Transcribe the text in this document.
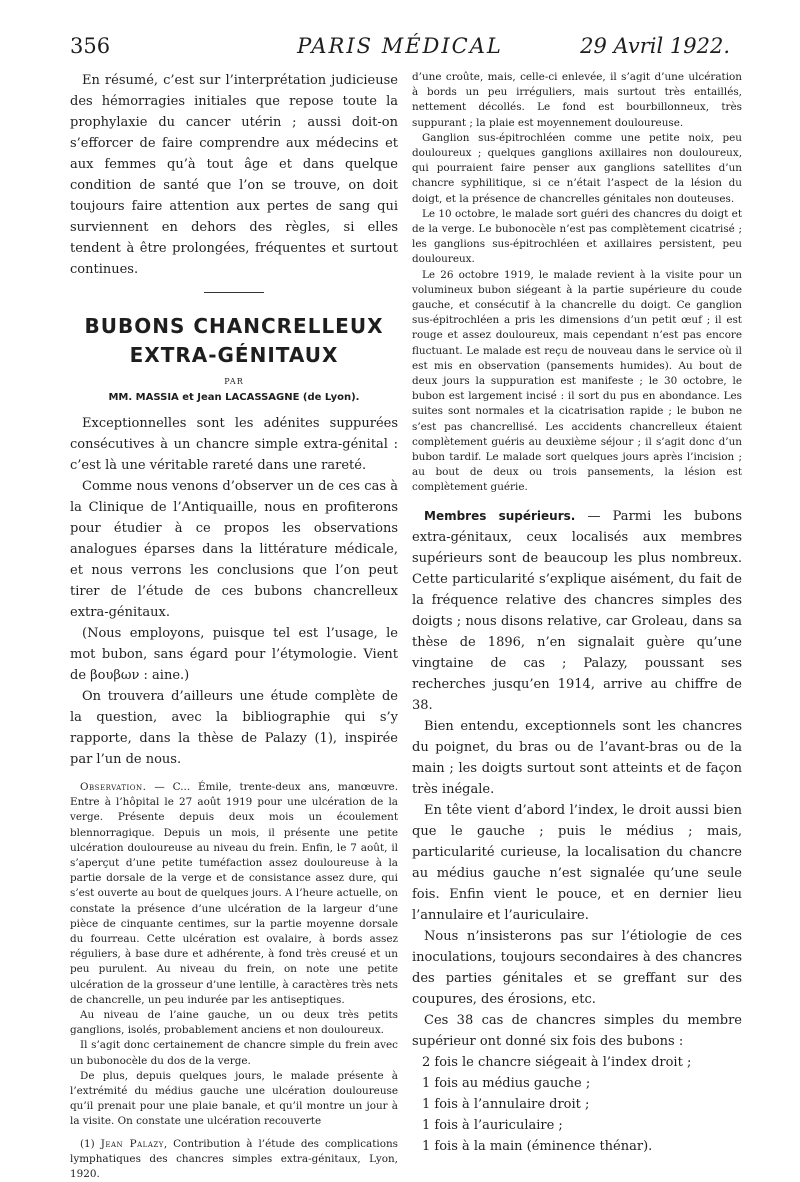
356	PARIS MÉDICAL	29 Avril 1922.

En résumé, c’est sur l’interprétation judicieuse des hémorragies initiales que repose toute la prophylaxie du cancer utérin ; aussi doit-on s’efforcer de faire comprendre aux médecins et aux femmes qu’à tout âge et dans quelque condition de santé que l’on se trouve, on doit toujours faire attention aux pertes de sang qui surviennent en dehors des règles, si elles tendent à être prolongées, fréquentes et surtout continues.

BUBONS CHANCRELLEUX
EXTRA-GÉNITAUX
PAR
MM. MASSIA et Jean LACASSAGNE (de Lyon).

Exceptionnelles sont les adénites suppurées consécutives à un chancre simple extra-génital : c’est là une véritable rareté dans une rareté.

Comme nous venons d’observer un de ces cas à la Clinique de l’Antiquaille, nous en profiterons pour étudier à ce propos les observations analogues éparses dans la littérature médicale, et nous verrons les conclusions que l’on peut tirer de l’étude de ces bubons chancrelleux extra-génitaux.

(Nous employons, puisque tel est l’usage, le mot bubon, sans égard pour l’étymologie. Vient de βουβων : aine.)

On trouvera d’ailleurs une étude complète de la question, avec la bibliographie qui s’y rapporte, dans la thèse de Palazy (1), inspirée par l’un de nous.

Observation. — C... Émile, trente-deux ans, manœuvre. Entre à l’hôpital le 27 août 1919 pour une ulcération de la verge. Présente depuis deux mois un écoulement blennorragique. Depuis un mois, il présente une petite ulcération douloureuse au niveau du frein. Enfin, le 7 août, il s’aperçut d’une petite tuméfaction assez douloureuse à la partie dorsale de la verge et de consistance assez dure, qui s’est ouverte au bout de quelques jours. A l’heure actuelle, on constate la présence d’une ulcération de la largeur d’une pièce de cinquante centimes, sur la partie moyenne dorsale du fourreau. Cette ulcération est ovalaire, à bords assez réguliers, à base dure et adhérente, à fond très creusé et un peu purulent. Au niveau du frein, on note une petite ulcération de la grosseur d’une lentille, à caractères très nets de chancrelle, un peu indurée par les antiseptiques.

Au niveau de l’aine gauche, un ou deux très petits ganglions, isolés, probablement anciens et non douloureux.

Il s’agit donc certainement de chancre simple du frein avec un bubonocèle du dos de la verge.

De plus, depuis quelques jours, le malade présente à l’extrémité du médius gauche une ulcération douloureuse qu’il prenait pour une plaie banale, et qu’il montre un jour à la visite. On constate une ulcération recouverte

(1) Jean Palazy, Contribution à l’étude des complications lymphatiques des chancres simples extra-génitaux, Lyon, 1920.

d’une croûte, mais, celle-ci enlevée, il s’agit d’une ulcération à bords un peu irréguliers, mais surtout très entaillés, nettement décollés. Le fond est bourbillonneux, très suppurant ; la plaie est moyennement douloureuse.

Ganglion sus-épitrochléen comme une petite noix, peu douloureux ; quelques ganglions axillaires non douloureux, qui pourraient faire penser aux ganglions satellites d’un chancre syphilitique, si ce n’était l’aspect de la lésion du doigt, et la présence de chancrelles génitales non douteuses.

Le 10 octobre, le malade sort guéri des chancres du doigt et de la verge. Le bubonocèle n’est pas complètement cicatrisé ; les ganglions sus-épitrochléen et axillaires persistent, peu douloureux.

Le 26 octobre 1919, le malade revient à la visite pour un volumineux bubon siégeant à la partie supérieure du coude gauche, et consécutif à la chancrelle du doigt. Ce ganglion sus-épitrochléen a pris les dimensions d’un petit œuf ; il est rouge et assez douloureux, mais cependant n’est pas encore fluctuant. Le malade est reçu de nouveau dans le service où il est mis en observation (pansements humides). Au bout de deux jours la suppuration est manifeste ; le 30 octobre, le bubon est largement incisé : il sort du pus en abondance. Les suites sont normales et la cicatrisation rapide ; le bubon ne s’est pas chancrellisé. Les accidents chancrelleux étaient complètement guéris au deuxième séjour ; il s’agit donc d’un bubon tardif. Le malade sort quelques jours après l’incision ; au bout de deux ou trois pansements, la lésion est complètement guérie.

Membres supérieurs. — Parmi les bubons extra-génitaux, ceux localisés aux membres supérieurs sont de beaucoup les plus nombreux. Cette particularité s’explique aisément, du fait de la fréquence relative des chancres simples des doigts ; nous disons relative, car Groleau, dans sa thèse de 1896, n’en signalait guère qu’une vingtaine de cas ; Palazy, poussant ses recherches jusqu’en 1914, arrive au chiffre de 38.

Bien entendu, exceptionnels sont les chancres du poignet, du bras ou de l’avant-bras ou de la main ; les doigts surtout sont atteints et de façon très inégale.

En tête vient d’abord l’index, le droit aussi bien que le gauche ; puis le médius ; mais, particularité curieuse, la localisation du chancre au médius gauche n’est signalée qu’une seule fois. Enfin vient le pouce, et en dernier lieu l’annulaire et l’auriculaire.

Nous n’insisterons pas sur l’étiologie de ces inoculations, toujours secondaires à des chancres des parties génitales et se greffant sur des coupures, des érosions, etc.

Ces 38 cas de chancres simples du membre supérieur ont donné six fois des bubons :

2 fois le chancre siégeait à l’index droit ;

1 fois au médius gauche ;

1 fois à l’annulaire droit ;

1 fois à l’auriculaire ;

1 fois à la main (éminence thénar).
